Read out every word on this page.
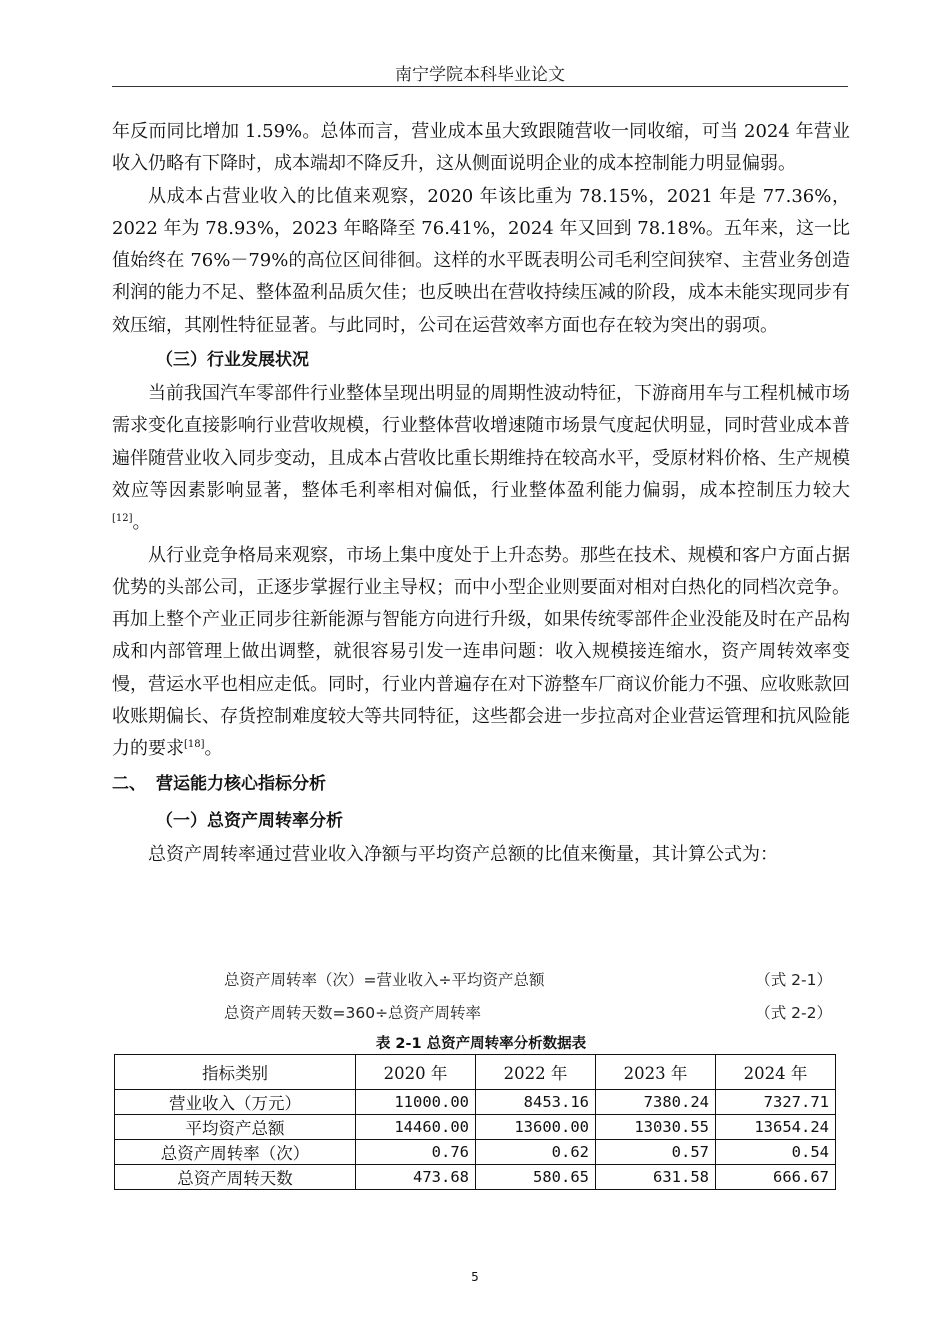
南宁学院本科毕业论文

年反而同比增加 1.59%。总体而言，营业成本虽大致跟随营收一同收缩，可当 2024 年营业收入仍略有下降时，成本端却不降反升，这从侧面说明企业的成本控制能力明显偏弱。

从成本占营业收入的比值来观察，2020 年该比重为 78.15%，2021 年是 77.36%，2022 年为 78.93%，2023 年略降至 76.41%，2024 年又回到 78.18%。五年来，这一比值始终在 76%－79%的高位区间徘徊。这样的水平既表明公司毛利空间狭窄、主营业务创造利润的能力不足、整体盈利品质欠佳；也反映出在营收持续压减的阶段，成本未能实现同步有效压缩，其刚性特征显著。与此同时，公司在运营效率方面也存在较为突出的弱项。

（三）行业发展状况

当前我国汽车零部件行业整体呈现出明显的周期性波动特征，下游商用车与工程机械市场需求变化直接影响行业营收规模，行业整体营收增速随市场景气度起伏明显，同时营业成本普遍伴随营业收入同步变动，且成本占营收比重长期维持在较高水平，受原材料价格、生产规模效应等因素影响显著，整体毛利率相对偏低，行业整体盈利能力偏弱，成本控制压力较大[12]。

从行业竞争格局来观察，市场上集中度处于上升态势。那些在技术、规模和客户方面占据优势的头部公司，正逐步掌握行业主导权；而中小型企业则要面对相对白热化的同档次竞争。再加上整个产业正同步往新能源与智能方向进行升级，如果传统零部件企业没能及时在产品构成和内部管理上做出调整，就很容易引发一连串问题：收入规模接连缩水，资产周转效率变慢，营运水平也相应走低。同时，行业内普遍存在对下游整车厂商议价能力不强、应收账款回收账期偏长、存货控制难度较大等共同特征，这些都会进一步拉高对企业营运管理和抗风险能力的要求[18]。

二、 营运能力核心指标分析
（一）总资产周转率分析

总资产周转率通过营业收入净额与平均资产总额的比值来衡量，其计算公式为：

总资产周转率（次）=营业收入÷平均资产总额	（式 2-1）
总资产周转天数=360÷总资产周转率	（式 2-2）
表 2-1 总资产周转率分析数据表
指标类别	2020 年	2022 年	2023 年	2024 年
营业收入（万元）	11000.00	8453.16	7380.24	7327.71
平均资产总额	14460.00	13600.00	13030.55	13654.24
总资产周转率（次）	0.76	0.62	0.57	0.54
总资产周转天数	473.68	580.65	631.58	666.67
5
